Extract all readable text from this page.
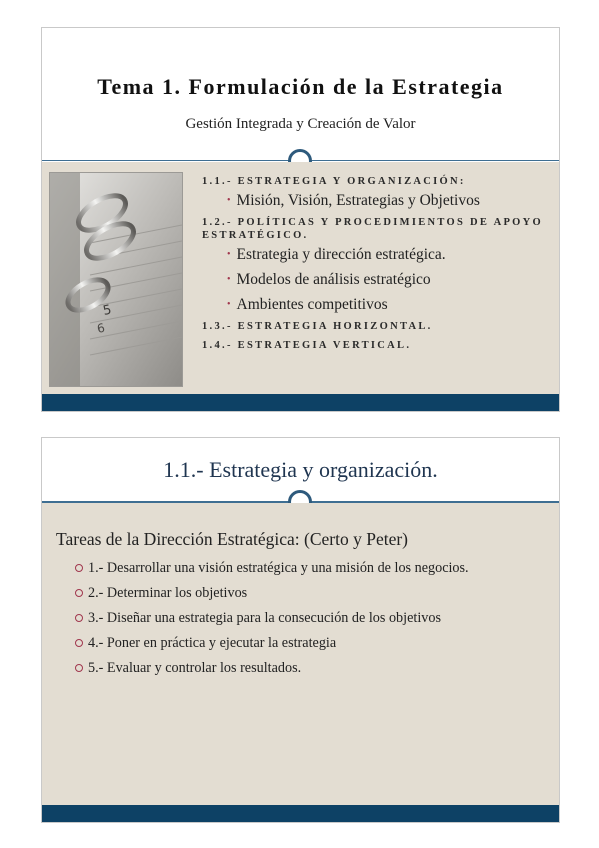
Tema 1. Formulación de la Estrategia
Gestión Integrada y Creación de Valor
5
6
1.1.- ESTRATEGIA Y ORGANIZACIÓN:
• Misión, Visión, Estrategias y Objetivos
1.2.- POLÍTICAS Y PROCEDIMIENTOS DE APOYO ESTRATÉGICO.
• Estrategia y dirección estratégica.
• Modelos de análisis estratégico
• Ambientes competitivos
1.3.- ESTRATEGIA HORIZONTAL.
1.4.- ESTRATEGIA VERTICAL.
1.1.- Estrategia y organización.
Tareas de la Dirección Estratégica: (Certo y Peter)
1.- Desarrollar una visión estratégica y una misión de los negocios.
2.- Determinar los objetivos
3.- Diseñar una estrategia para la consecución de los objetivos
4.- Poner en práctica y ejecutar la estrategia
5.- Evaluar y controlar los resultados.
